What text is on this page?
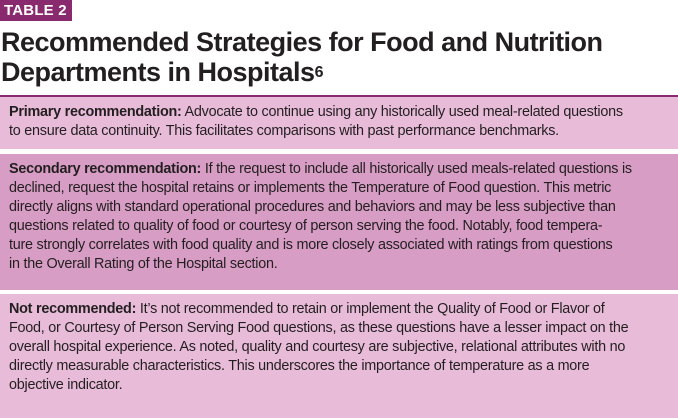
TABLE 2
Recommended Strategies for Food and Nutrition
Departments in Hospitals$^6$
Primary recommendation: Advocate to continue using any historically used meal-related questions
to ensure data continuity. This facilitates comparisons with past performance benchmarks.
Secondary recommendation: If the request to include all historically used meals-related questions is
declined, request the hospital retains or implements the Temperature of Food question. This metric
directly aligns with standard operational procedures and behaviors and may be less subjective than
questions related to quality of food or courtesy of person serving the food. Notably, food tempera-
ture strongly correlates with food quality and is more closely associated with ratings from questions
in the Overall Rating of the Hospital section.
Not recommended: It’s not recommended to retain or implement the Quality of Food or Flavor of
Food, or Courtesy of Person Serving Food questions, as these questions have a lesser impact on the
overall hospital experience. As noted, quality and courtesy are subjective, relational attributes with no
directly measurable characteristics. This underscores the importance of temperature as a more
objective indicator.
